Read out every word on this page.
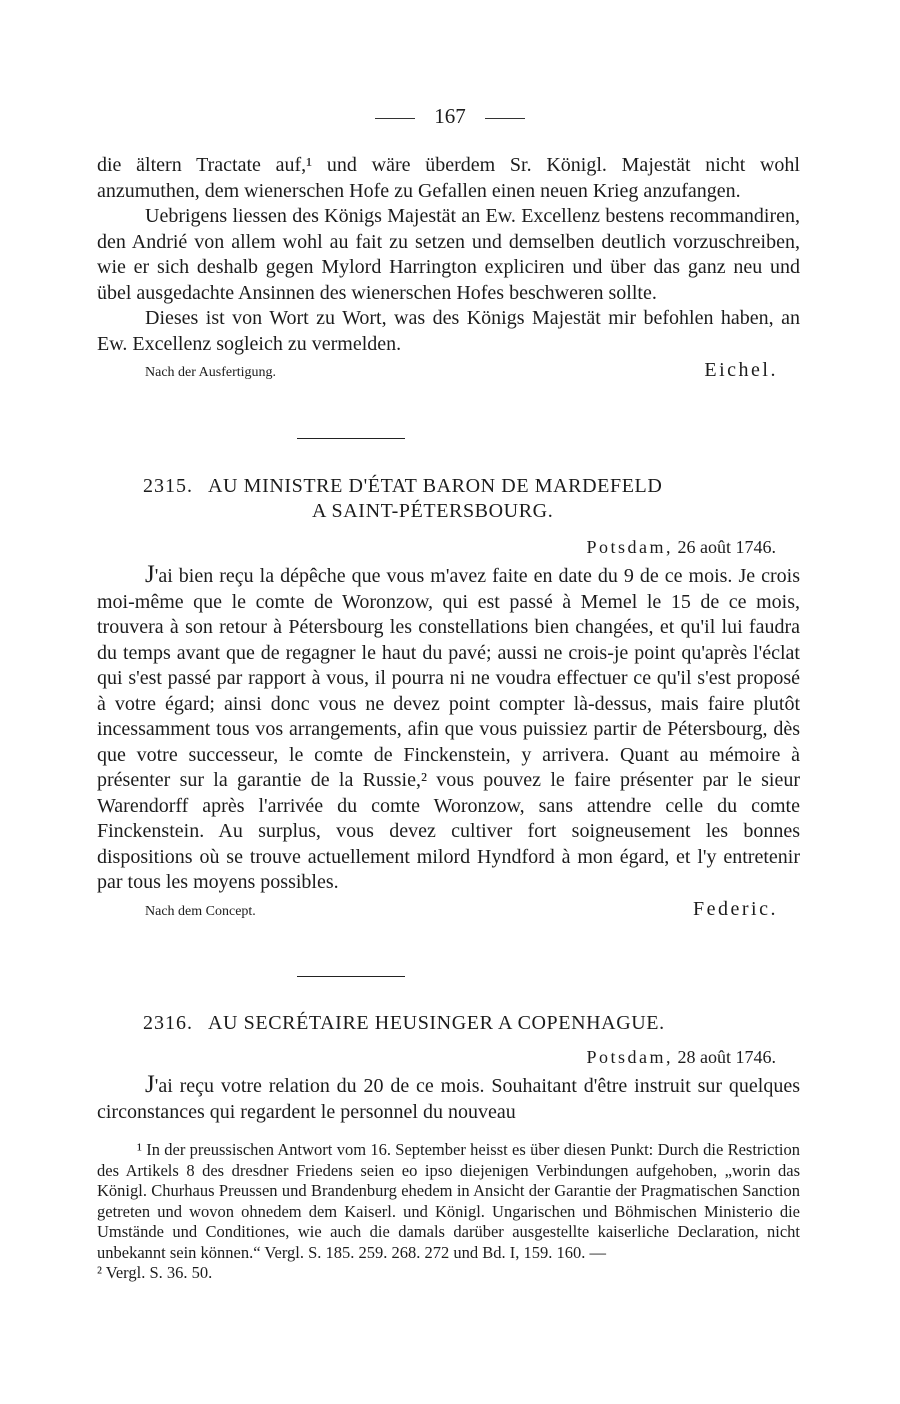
167

die ältern Tractate auf,¹ und wäre überdem Sr. Königl. Majestät nicht wohl anzumuthen, dem wienerschen Hofe zu Gefallen einen neuen Krieg anzufangen.

Uebrigens liessen des Königs Majestät an Ew. Excellenz bestens recommandiren, den Andrié von allem wohl au fait zu setzen und demselben deutlich vorzuschreiben, wie er sich deshalb gegen Mylord Harrington expliciren und über das ganz neu und übel ausgedachte Ansinnen des wienerschen Hofes beschweren sollte.

Dieses ist von Wort zu Wort, was des Königs Majestät mir befohlen haben, an Ew. Excellenz sogleich zu vermelden.

Nach der Ausfertigung.	Eichel.
2315. AU MINISTRE D'ÉTAT BARON DE MARDEFELD
A SAINT-PÉTERSBOURG.
Potsdam, 26 août 1746.

J'ai bien reçu la dépêche que vous m'avez faite en date du 9 de ce mois. Je crois moi-même que le comte de Woronzow, qui est passé à Memel le 15 de ce mois, trouvera à son retour à Pétersbourg les constellations bien changées, et qu'il lui faudra du temps avant que de regagner le haut du pavé; aussi ne crois-je point qu'après l'éclat qui s'est passé par rapport à vous, il pourra ni ne voudra effectuer ce qu'il s'est proposé à votre égard; ainsi donc vous ne devez point compter là-dessus, mais faire plutôt incessamment tous vos arrangements, afin que vous puissiez partir de Pétersbourg, dès que votre successeur, le comte de Finckenstein, y arrivera. Quant au mémoire à présenter sur la garantie de la Russie,² vous pouvez le faire présenter par le sieur Warendorff après l'arrivée du comte Woronzow, sans attendre celle du comte Finckenstein. Au surplus, vous devez cultiver fort soigneusement les bonnes dispositions où se trouve actuellement milord Hyndford à mon égard, et l'y entretenir par tous les moyens possibles.

Nach dem Concept.	Federic.
2316. AU SECRÉTAIRE HEUSINGER A COPENHAGUE.
Potsdam, 28 août 1746.

J'ai reçu votre relation du 20 de ce mois. Souhaitant d'être instruit sur quelques circonstances qui regardent le personnel du nouveau

¹ In der preussischen Antwort vom 16. September heisst es über diesen Punkt: Durch die Restriction des Artikels 8 des dresdner Friedens seien eo ipso diejenigen Verbindungen aufgehoben, „worin das Königl. Churhaus Preussen und Brandenburg ehedem in Ansicht der Garantie der Pragmatischen Sanction getreten und wovon ohnedem dem Kaiserl. und Königl. Ungarischen und Böhmischen Ministerio die Umstände und Conditiones, wie auch die damals darüber ausgestellte kaiserliche Declaration, nicht unbekannt sein können.“ Vergl. S. 185. 259. 268. 272 und Bd. I, 159. 160. —

² Vergl. S. 36. 50.
